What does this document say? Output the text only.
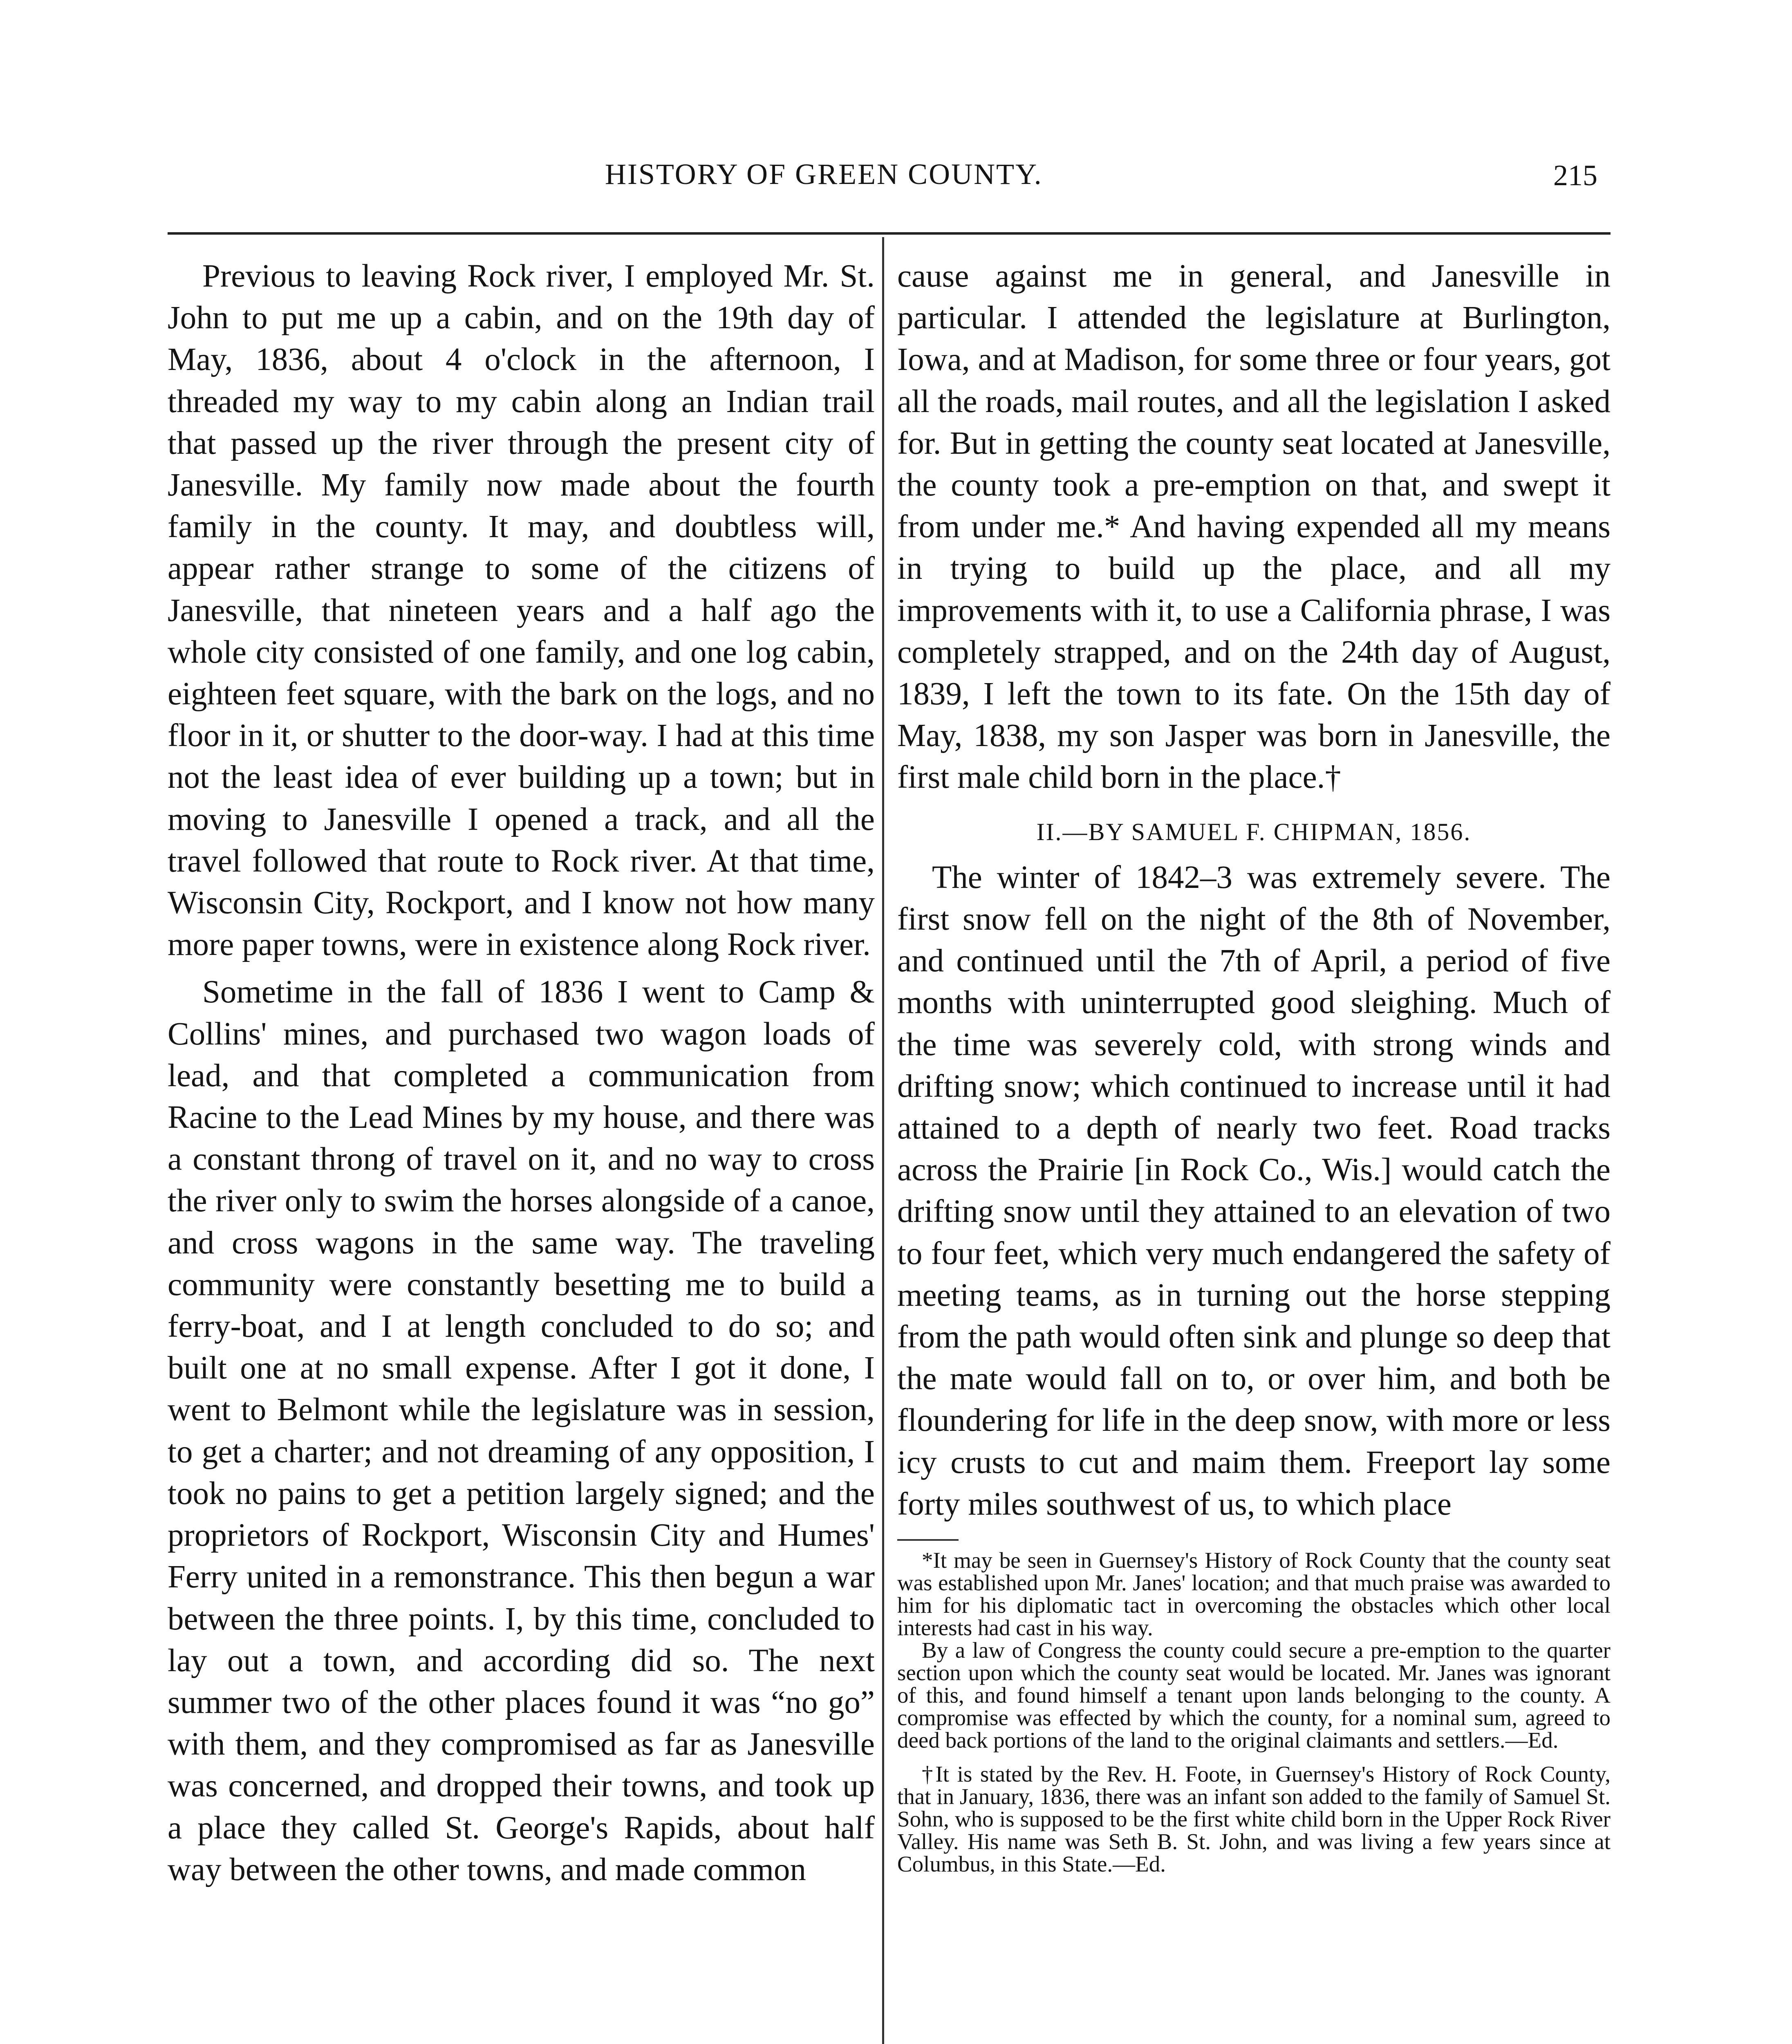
HISTORY OF GREEN COUNTY.	215

Previous to leaving Rock river, I employed Mr. St. John to put me up a cabin, and on the 19th day of May, 1836, about 4 o'clock in the afternoon, I threaded my way to my cabin along an Indian trail that passed up the river through the present city of Janesville. My family now made about the fourth family in the county. It may, and doubtless will, appear rather strange to some of the citizens of Janesville, that nineteen years and a half ago the whole city consisted of one family, and one log cabin, eighteen feet square, with the bark on the logs, and no floor in it, or shutter to the door-way. I had at this time not the least idea of ever building up a town; but in moving to Janesville I opened a track, and all the travel followed that route to Rock river. At that time, Wisconsin City, Rockport, and I know not how many more paper towns, were in existence along Rock river.

Sometime in the fall of 1836 I went to Camp & Collins' mines, and purchased two wagon loads of lead, and that completed a communication from Racine to the Lead Mines by my house, and there was a constant throng of travel on it, and no way to cross the river only to swim the horses alongside of a canoe, and cross wagons in the same way. The traveling community were constantly besetting me to build a ferry-boat, and I at length concluded to do so; and built one at no small expense. After I got it done, I went to Belmont while the legislature was in session, to get a charter; and not dreaming of any opposition, I took no pains to get a petition largely signed; and the proprietors of Rockport, Wisconsin City and Humes' Ferry united in a remonstrance. This then begun a war between the three points. I, by this time, concluded to lay out a town, and according did so. The next summer two of the other places found it was “no go” with them, and they compromised as far as Janesville was concerned, and dropped their towns, and took up a place they called St. George's Rapids, about half way between the other towns, and made common

cause against me in general, and Janesville in particular. I attended the legislature at Burlington, Iowa, and at Madison, for some three or four years, got all the roads, mail routes, and all the legislation I asked for. But in getting the county seat located at Janesville, the county took a pre-emption on that, and swept it from under me.* And having expended all my means in trying to build up the place, and all my improvements with it, to use a California phrase, I was completely strapped, and on the 24th day of August, 1839, I left the town to its fate. On the 15th day of May, 1838, my son Jasper was born in Janesville, the first male child born in the place.†

II.—BY SAMUEL F. CHIPMAN, 1856.

The winter of 1842–3 was extremely severe. The first snow fell on the night of the 8th of November, and continued until the 7th of April, a period of five months with uninterrupted good sleighing. Much of the time was severely cold, with strong winds and drifting snow; which continued to increase until it had attained to a depth of nearly two feet. Road tracks across the Prairie [in Rock Co., Wis.] would catch the drifting snow until they attained to an elevation of two to four feet, which very much endangered the safety of meeting teams, as in turning out the horse stepping from the path would often sink and plunge so deep that the mate would fall on to, or over him, and both be floundering for life in the deep snow, with more or less icy crusts to cut and maim them. Freeport lay some forty miles southwest of us, to which place

*It may be seen in Guernsey's History of Rock County that the county seat was established upon Mr. Janes' location; and that much praise was awarded to him for his diplomatic tact in overcoming the obstacles which other local interests had cast in his way.

By a law of Congress the county could secure a pre-emption to the quarter section upon which the county seat would be located. Mr. Janes was ignorant of this, and found himself a tenant upon lands belonging to the county. A compromise was effected by which the county, for a nominal sum, agreed to deed back portions of the land to the original claimants and settlers.—Ed.

†It is stated by the Rev. H. Foote, in Guernsey's History of Rock County, that in January, 1836, there was an infant son added to the family of Samuel St. Sohn, who is supposed to be the first white child born in the Upper Rock River Valley. His name was Seth B. St. John, and was living a few years since at Columbus, in this State.—Ed.
